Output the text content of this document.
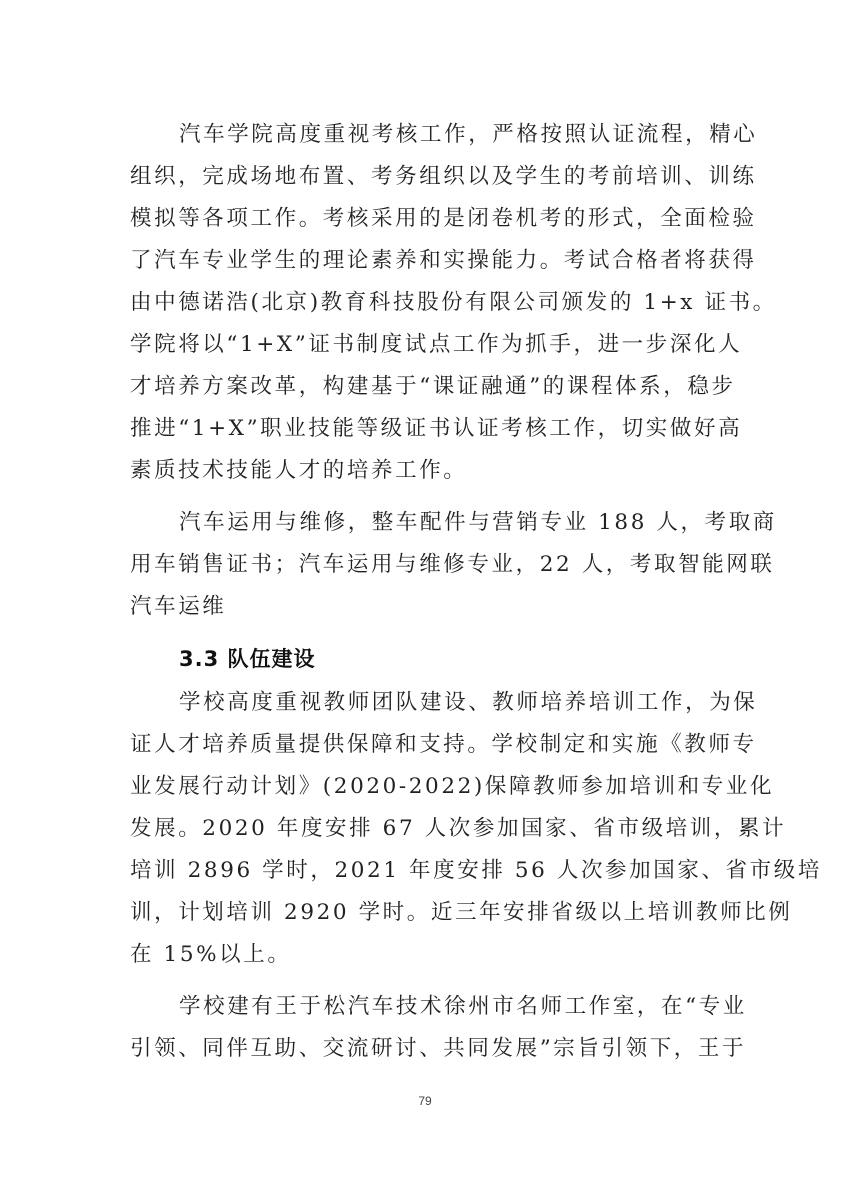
汽车学院高度重视考核工作，严格按照认证流程，精心
组织，完成场地布置、考务组织以及学生的考前培训、训练
模拟等各项工作。考核采用的是闭卷机考的形式，全面检验
了汽车专业学生的理论素养和实操能力。考试合格者将获得
由中德诺浩(北京)教育科技股份有限公司颁发的 1+x 证书。
学院将以“1+X”证书制度试点工作为抓手，进一步深化人
才培养方案改革，构建基于“课证融通”的课程体系，稳步
推进“1+X”职业技能等级证书认证考核工作，切实做好高
素质技术技能人才的培养工作。
汽车运用与维修，整车配件与营销专业 188 人，考取商
用车销售证书；汽车运用与维修专业，22 人，考取智能网联
汽车运维
3.3 队伍建设
学校高度重视教师团队建设、教师培养培训工作，为保
证人才培养质量提供保障和支持。学校制定和实施《教师专
业发展行动计划》(2020-2022)保障教师参加培训和专业化
发展。2020 年度安排 67 人次参加国家、省市级培训，累计
培训 2896 学时，2021 年度安排 56 人次参加国家、省市级培
训，计划培训 2920 学时。近三年安排省级以上培训教师比例
在 15%以上。
学校建有王于松汽车技术徐州市名师工作室，在“专业
引领、同伴互助、交流研讨、共同发展”宗旨引领下，王于
79
